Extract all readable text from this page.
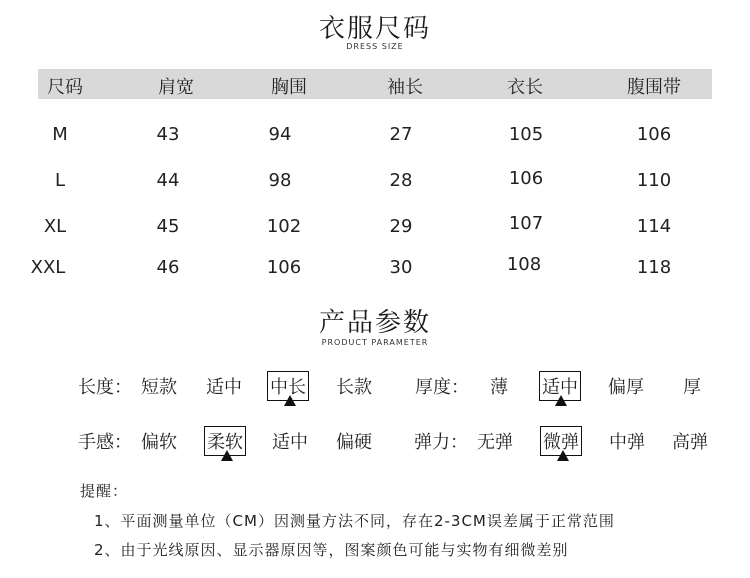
衣服尺码
DRESS SIZE
尺码	肩宽	胸围	袖长	衣长	腹围带
M	43	94	27	105	106
L	44	98	28	106	110
XL	45	102	29	107	114
XXL	46	106	30	108	118
产品参数
PRODUCT PARAMETER
长度： 短款 适中 中长 长款 厚度： 薄 适中 偏厚 厚
手感： 偏软 柔软 适中 偏硬 弹力： 无弹 微弹 中弹 高弹
提醒：
1、平面测量单位（CM）因测量方法不同，存在2-3CM误差属于正常范围
2、由于光线原因、显示器原因等，图案颜色可能与实物有细微差别
